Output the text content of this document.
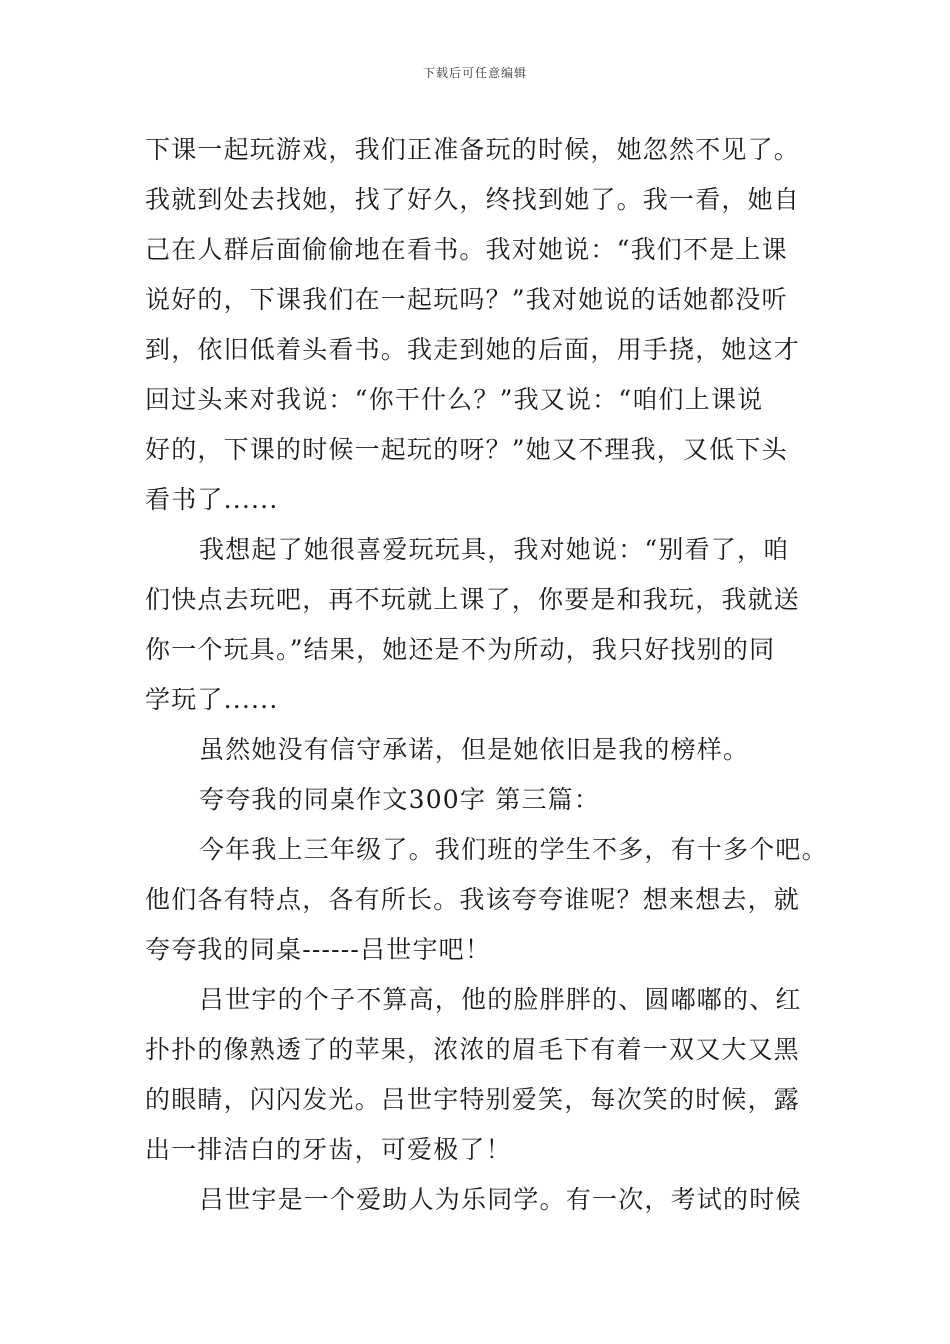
下载后可任意编辑
下课一起玩游戏，我们正准备玩的时候，她忽然不见了。
我就到处去找她，找了好久，终找到她了。我一看，她自
己在人群后面偷偷地在看书。我对她说：“我们不是上课
说好的，下课我们在一起玩吗？”我对她说的话她都没听
到，依旧低着头看书。我走到她的后面，用手挠，她这才
回过头来对我说：“你干什么？”我又说：“咱们上课说
好的，下课的时候一起玩的呀？”她又不理我，又低下头
看书了......
我想起了她很喜爱玩玩具，我对她说：“别看了，咱
们快点去玩吧，再不玩就上课了，你要是和我玩，我就送
你一个玩具。”结果，她还是不为所动，我只好找别的同
学玩了......
虽然她没有信守承诺，但是她依旧是我的榜样。
夸夸我的同桌作文300字 第三篇：
今年我上三年级了。我们班的学生不多，有十多个吧。
他们各有特点，各有所长。我该夸夸谁呢？想来想去，就
夸夸我的同桌------吕世宇吧！
吕世宇的个子不算高，他的脸胖胖的、圆嘟嘟的、红
扑扑的像熟透了的苹果，浓浓的眉毛下有着一双又大又黑
的眼睛，闪闪发光。吕世宇特别爱笑，每次笑的时候，露
出一排洁白的牙齿，可爱极了！
吕世宇是一个爱助人为乐同学。有一次，考试的时候
